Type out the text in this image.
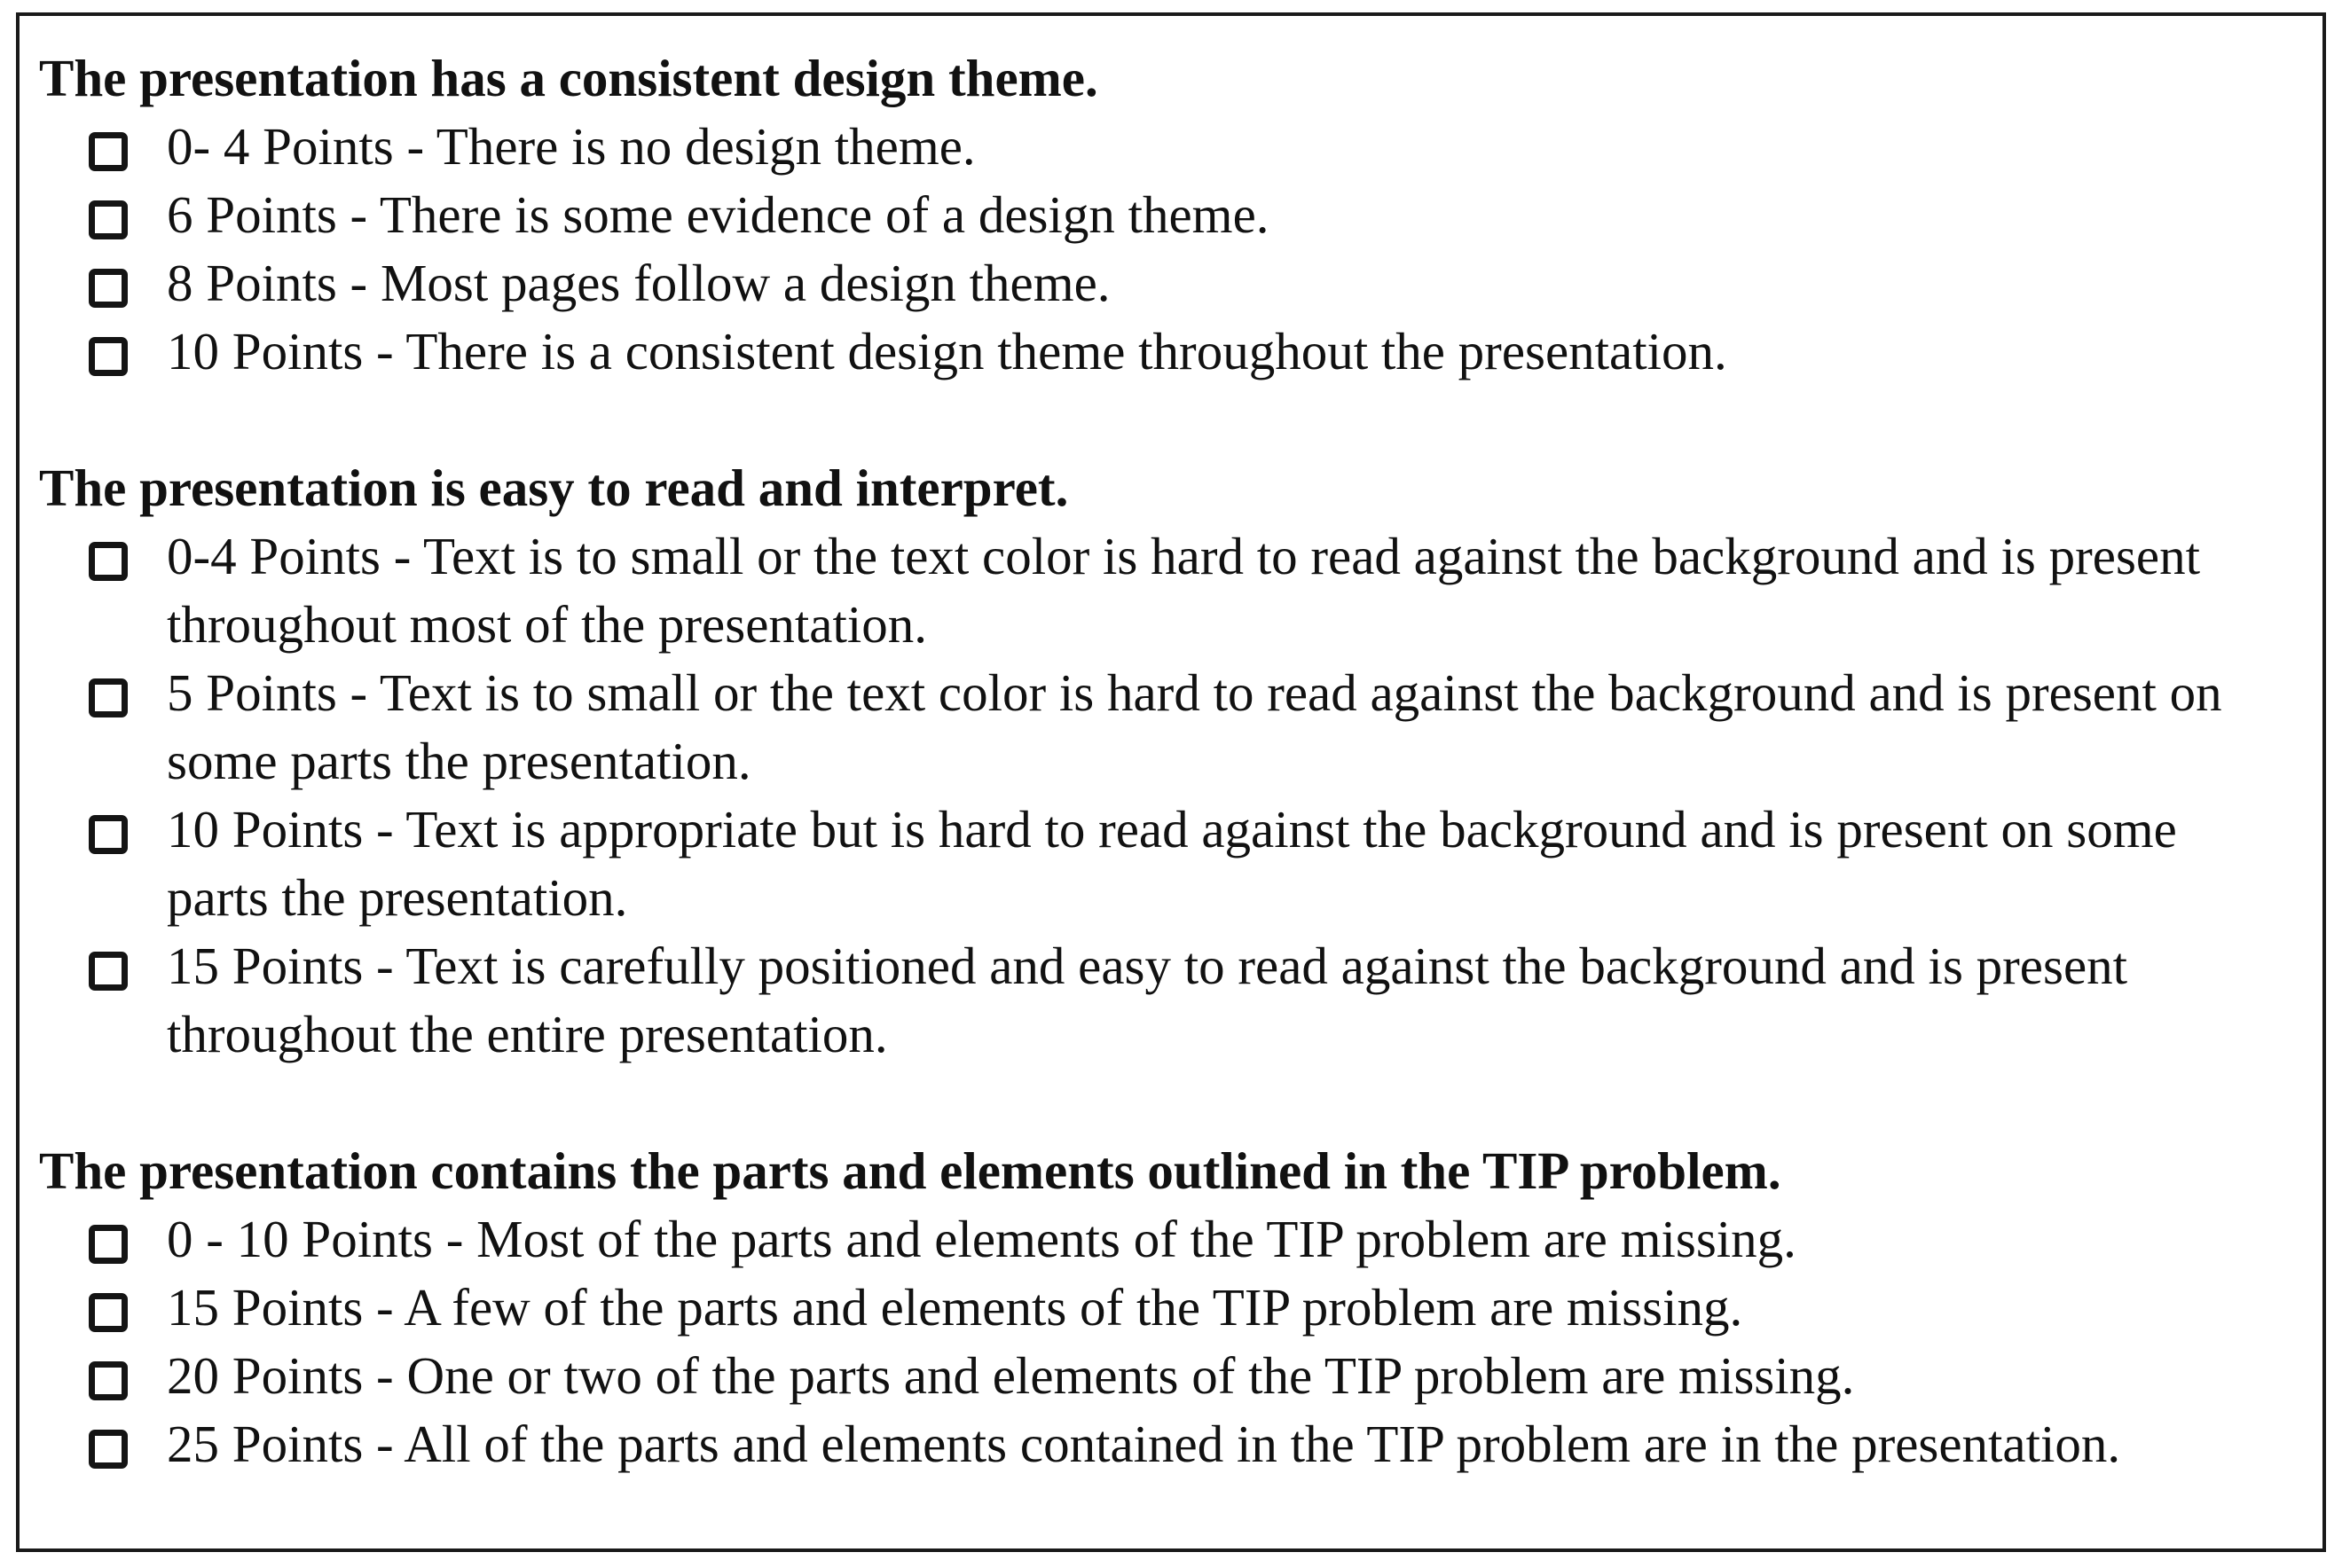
The presentation has a consistent design theme.
0- 4 Points - There is no design theme.
6 Points - There is some evidence of a design theme.
8 Points - Most pages follow a design theme.
10 Points - There is a consistent design theme throughout the presentation.
The presentation is easy to read and interpret.
0-4 Points - Text is to small or the text color is hard to read against the background and is present throughout most of the presentation.
5 Points - Text is to small or the text color is hard to read against the background and is present on some parts the presentation.
10 Points - Text is appropriate but is hard to read against the background and is present on some parts the presentation.
15 Points - Text is carefully positioned and easy to read against the background and is present throughout the entire presentation.
The presentation contains the parts and elements outlined in the TIP problem.
0 - 10 Points - Most of the parts and elements of the TIP problem are missing.
15 Points - A few of the parts and elements of the TIP problem are missing.
20 Points - One or two of the parts and elements of the TIP problem are missing.
25 Points - All of the parts and elements contained in the TIP problem are in the presentation.
